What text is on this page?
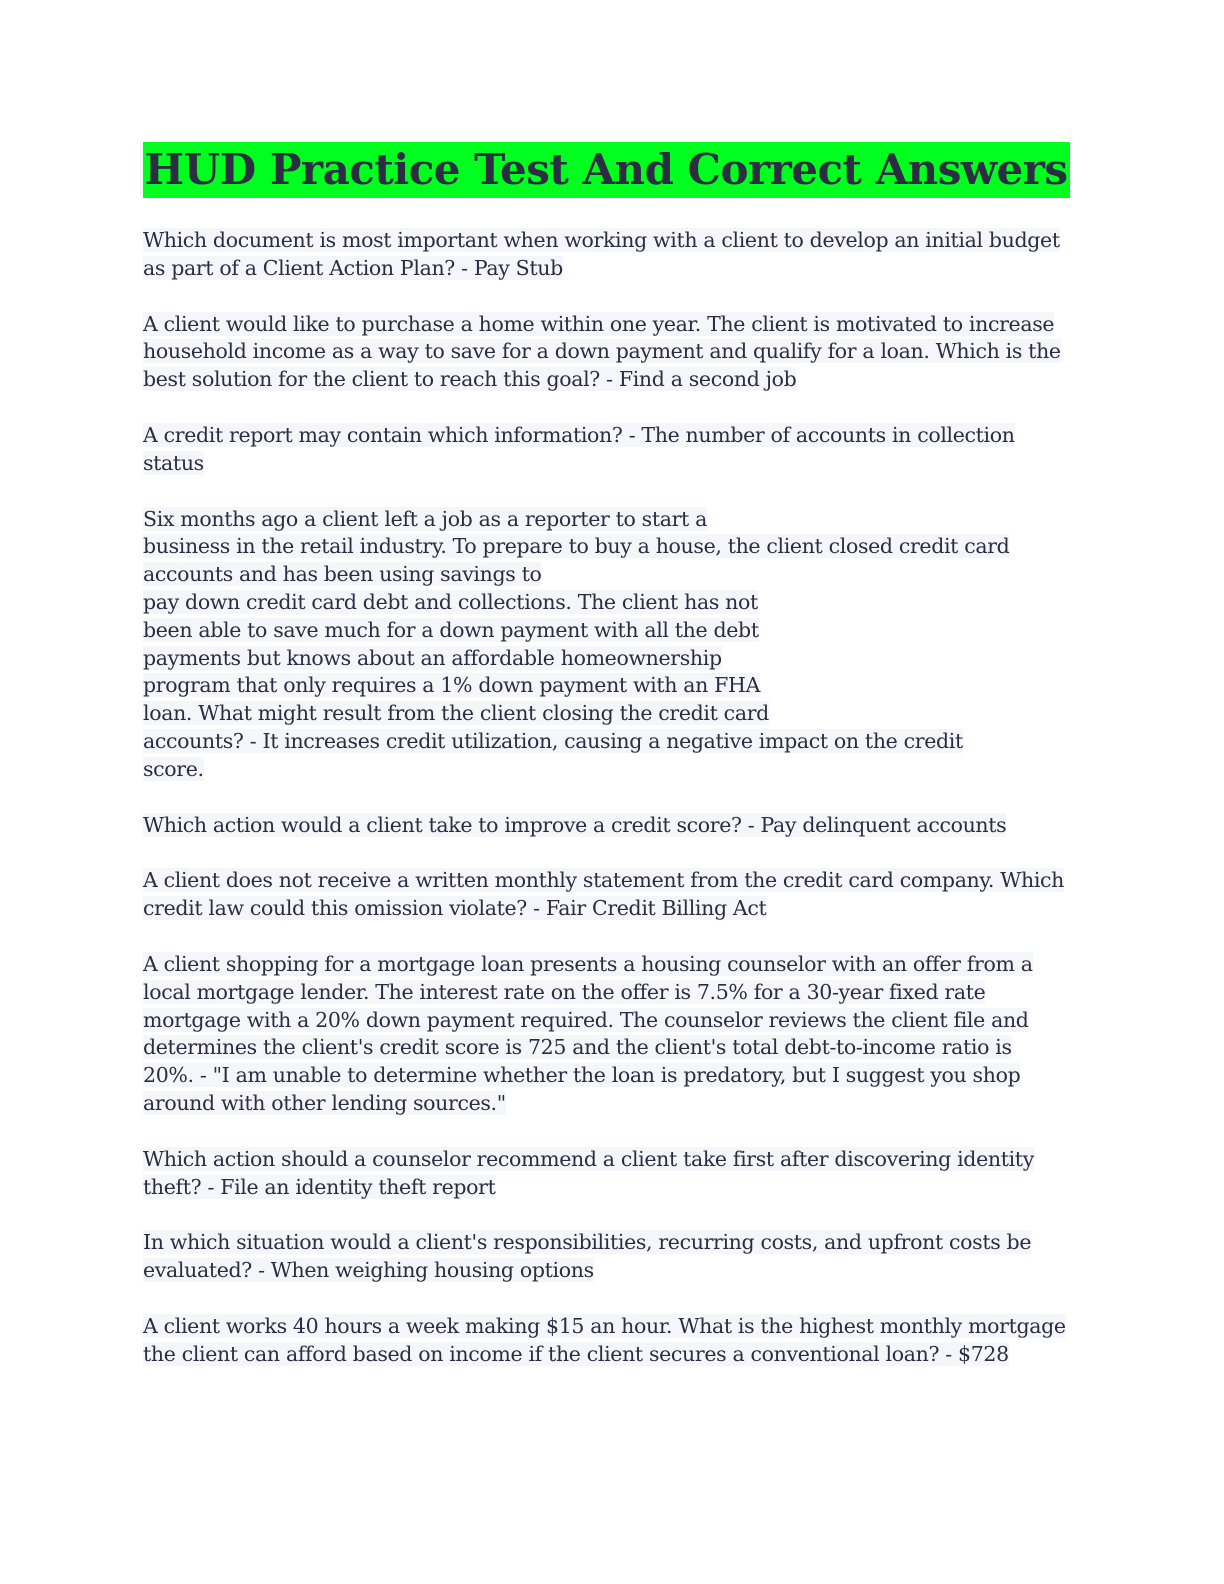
HUD Practice Test And Correct Answers

Which document is most important when working with a client to develop an initial budget
as part of a Client Action Plan? - Pay Stub

A client would like to purchase a home within one year. The client is motivated to increase
household income as a way to save for a down payment and qualify for a loan. Which is the
best solution for the client to reach this goal? - Find a second job

A credit report may contain which information? - The number of accounts in collection
status

Six months ago a client left a job as a reporter to start a
business in the retail industry. To prepare to buy a house, the client closed credit card
accounts and has been using savings to
pay down credit card debt and collections. The client has not
been able to save much for a down payment with all the debt
payments but knows about an affordable homeownership
program that only requires a 1% down payment with an FHA
loan. What might result from the client closing the credit card
accounts? - It increases credit utilization, causing a negative impact on the credit
score.

Which action would a client take to improve a credit score? - Pay delinquent accounts

A client does not receive a written monthly statement from the credit card company. Which
credit law could this omission violate? - Fair Credit Billing Act

A client shopping for a mortgage loan presents a housing counselor with an offer from a
local mortgage lender. The interest rate on the offer is 7.5% for a 30-year fixed rate
mortgage with a 20% down payment required. The counselor reviews the client file and
determines the client's credit score is 725 and the client's total debt-to-income ratio is
20%. - "I am unable to determine whether the loan is predatory, but I suggest you shop
around with other lending sources."

Which action should a counselor recommend a client take first after discovering identity
theft? - File an identity theft report

In which situation would a client's responsibilities, recurring costs, and upfront costs be
evaluated? - When weighing housing options

A client works 40 hours a week making $15 an hour. What is the highest monthly mortgage
the client can afford based on income if the client secures a conventional loan? - $728
